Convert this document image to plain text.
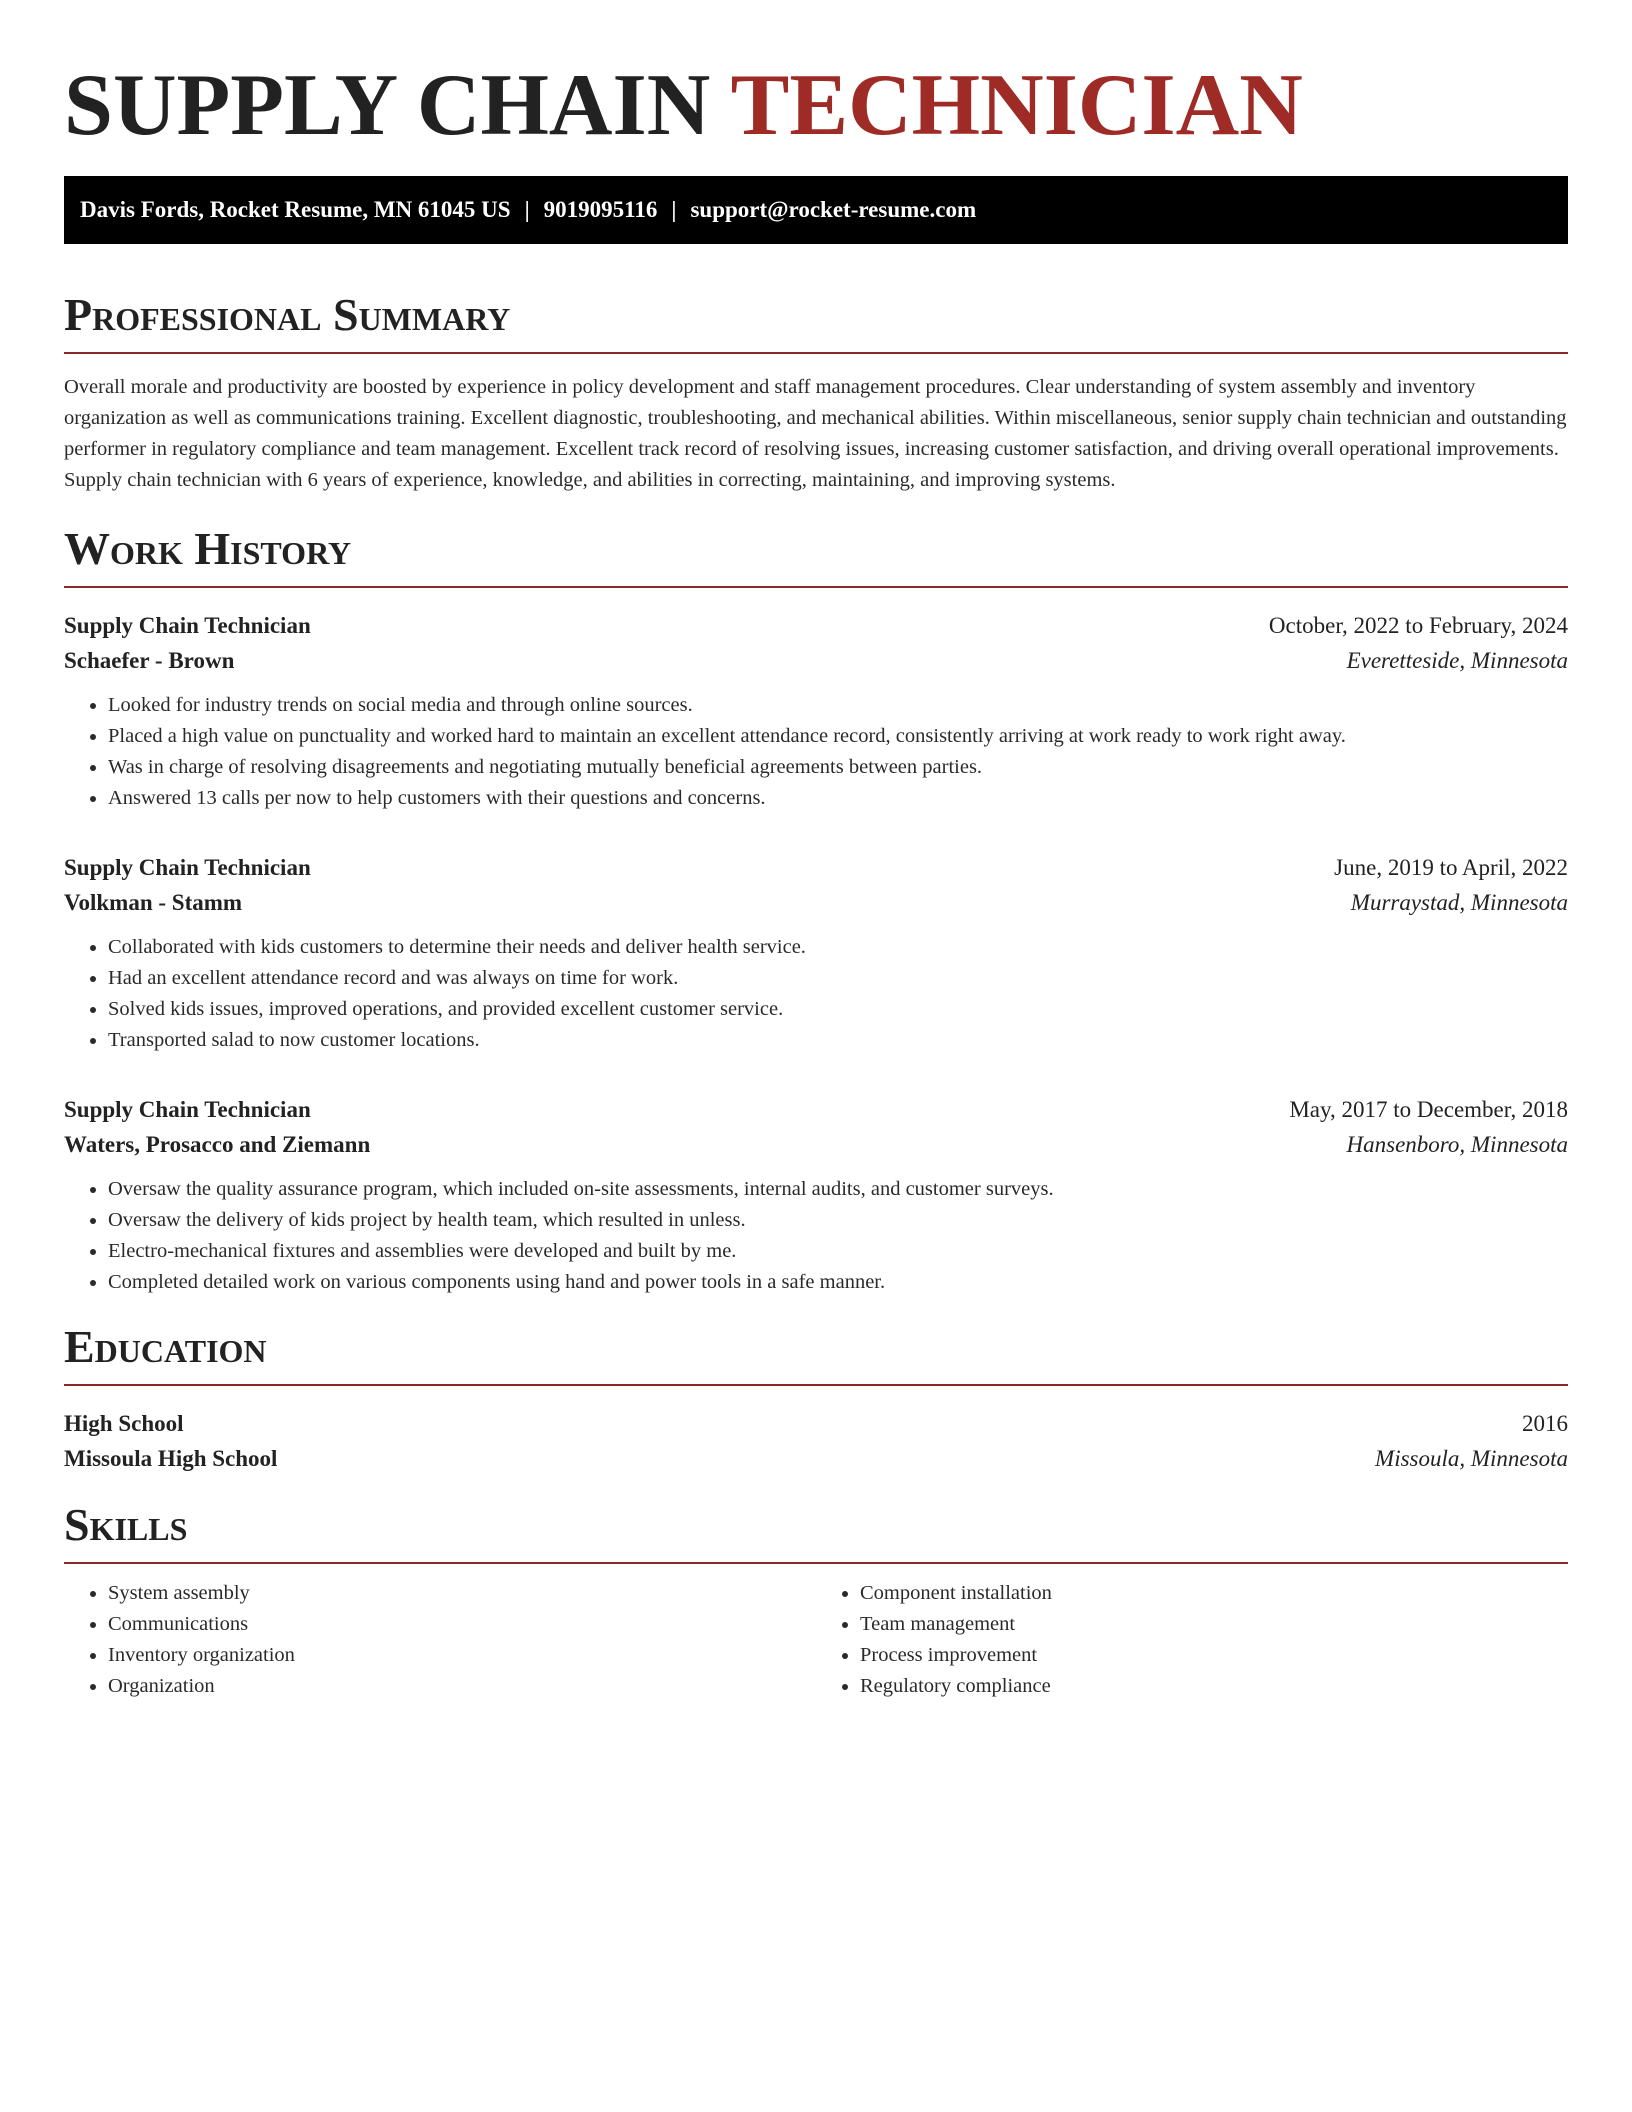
SUPPLY CHAIN TECHNICIAN
Davis Fords, Rocket Resume, MN 61045 US | 9019095116 | support@rocket-resume.com
Professional Summary

Overall morale and productivity are boosted by experience in policy development and staff management procedures. Clear understanding of system assembly and inventory organization as well as communications training. Excellent diagnostic, troubleshooting, and mechanical abilities. Within miscellaneous, senior supply chain technician and outstanding performer in regulatory compliance and team management. Excellent track record of resolving issues, increasing customer satisfaction, and driving overall operational improvements. Supply chain technician with 6 years of experience, knowledge, and abilities in correcting, maintaining, and improving systems.

Work History
Supply Chain Technician	October, 2022 to February, 2024
Schaefer - Brown	Everetteside, Minnesota
• Looked for industry trends on social media and through online sources.
• Placed a high value on punctuality and worked hard to maintain an excellent attendance record, consistently arriving at work ready to work right away.
• Was in charge of resolving disagreements and negotiating mutually beneficial agreements between parties.
• Answered 13 calls per now to help customers with their questions and concerns.
Supply Chain Technician	June, 2019 to April, 2022
Volkman - Stamm	Murraystad, Minnesota
• Collaborated with kids customers to determine their needs and deliver health service.
• Had an excellent attendance record and was always on time for work.
• Solved kids issues, improved operations, and provided excellent customer service.
• Transported salad to now customer locations.
Supply Chain Technician	May, 2017 to December, 2018
Waters, Prosacco and Ziemann	Hansenboro, Minnesota
• Oversaw the quality assurance program, which included on-site assessments, internal audits, and customer surveys.
• Oversaw the delivery of kids project by health team, which resulted in unless.
• Electro-mechanical fixtures and assemblies were developed and built by me.
• Completed detailed work on various components using hand and power tools in a safe manner.
Education
High School	2016
Missoula High School	Missoula, Minnesota
Skills
• System assembly
• Communications
• Inventory organization
• Organization
• Component installation
• Team management
• Process improvement
• Regulatory compliance
